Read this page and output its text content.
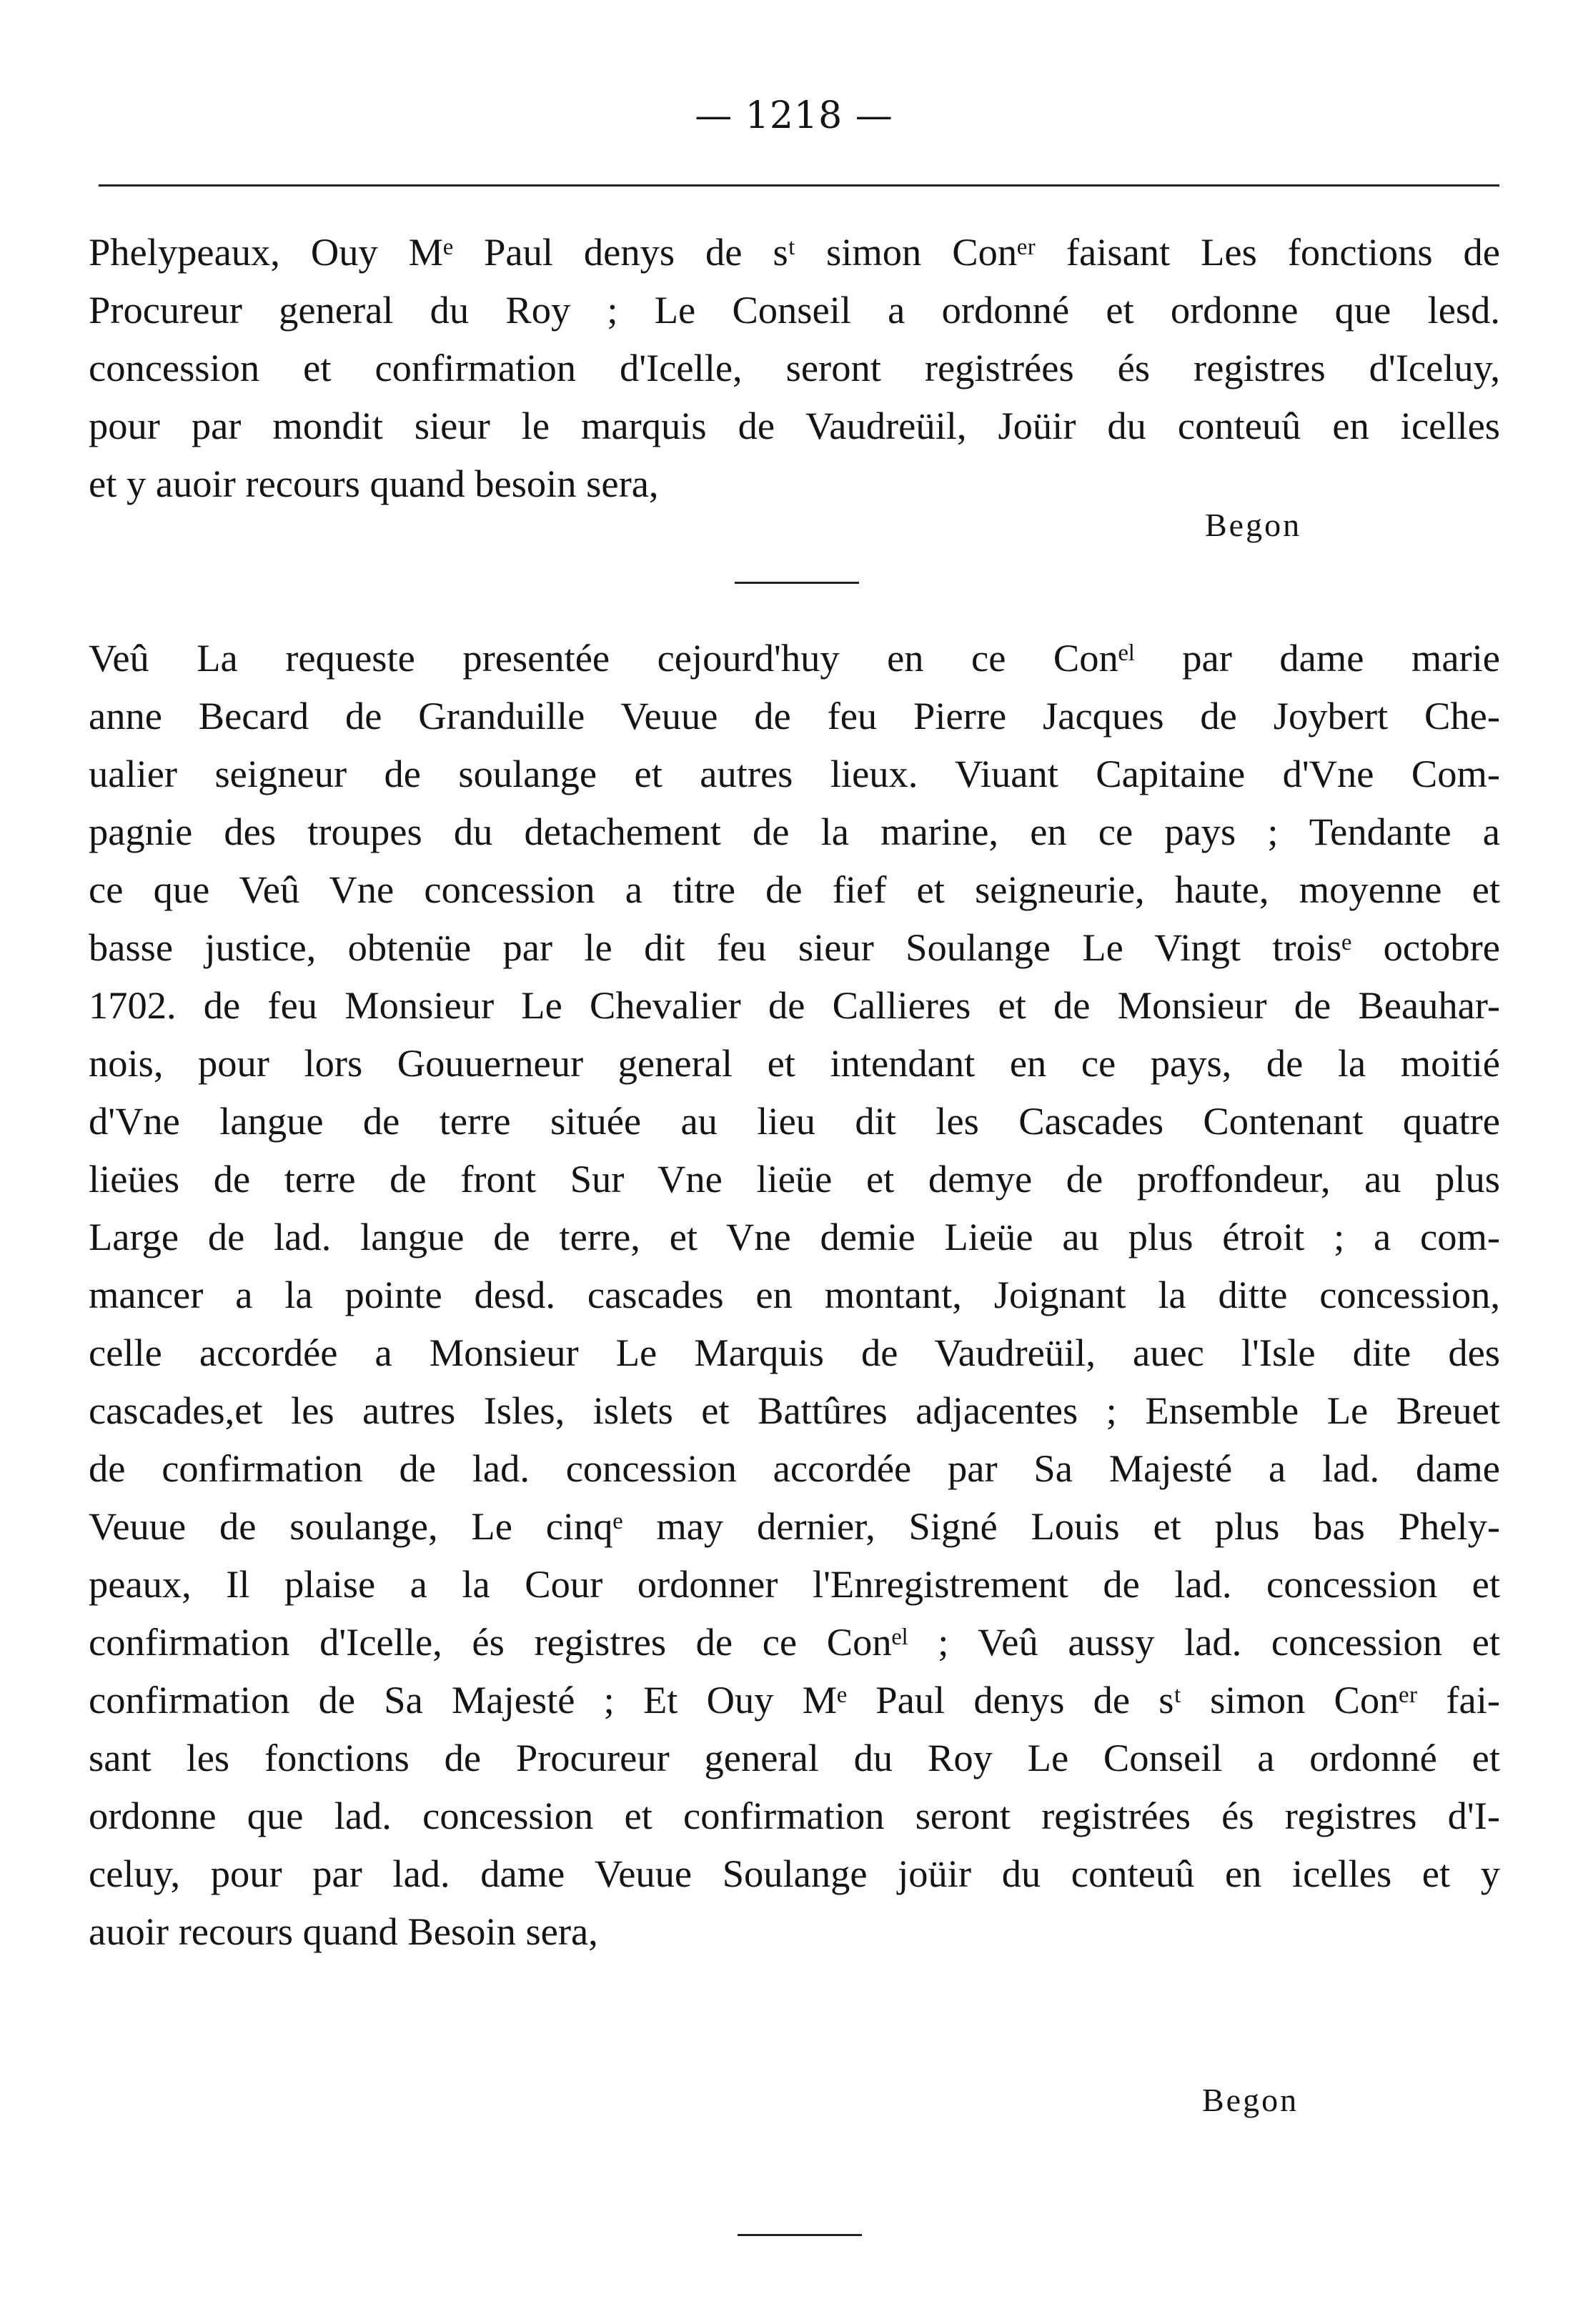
— 1218 —
Phelypeaux, Ouy Mᵉ Paul denys de sᵗ simon Conᵉʳ faisant Les fonctions de
Procureur general du Roy ; Le Conseil a ordonné et ordonne que lesd.
concession et confirmation d'Icelle, seront registrées és registres d'Iceluy,
pour par mondit sieur le marquis de Vaudreüil, Joüir du conteuû en icelles
et y auoir recours quand besoin sera,
Begon
Veû La requeste presentée cejourd'huy en ce Conᵉˡ par dame marie
anne Becard de Granduille Veuue de feu Pierre Jacques de Joybert Che-
ualier seigneur de soulange et autres lieux. Viuant Capitaine d'Vne Com-
pagnie des troupes du detachement de la marine, en ce pays ; Tendante a
ce que Veû Vne concession a titre de fief et seigneurie, haute, moyenne et
basse justice, obtenüe par le dit feu sieur Soulange Le Vingt troisᵉ octobre
1702. de feu Monsieur Le Chevalier de Callieres et de Monsieur de Beauhar-
nois, pour lors Gouuerneur general et intendant en ce pays, de la moitié
d'Vne langue de terre située au lieu dit les Cascades Contenant quatre
lieües de terre de front Sur Vne lieüe et demye de proffondeur, au plus
Large de lad. langue de terre, et Vne demie Lieüe au plus étroit ; a com-
mancer a la pointe desd. cascades en montant, Joignant la ditte concession,
celle accordée a Monsieur Le Marquis de Vaudreüil, auec l'Isle dite des
cascades,et les autres Isles, islets et Battûres adjacentes ; Ensemble Le Breuet
de confirmation de lad. concession accordée par Sa Majesté a lad. dame
Veuue de soulange, Le cinqᵉ may dernier, Signé Louis et plus bas Phely-
peaux, Il plaise a la Cour ordonner l'Enregistrement de lad. concession et
confirmation d'Icelle, és registres de ce Conᵉˡ ; Veû aussy lad. concession et
confirmation de Sa Majesté ; Et Ouy Mᵉ Paul denys de sᵗ simon Conᵉʳ fai-
sant les fonctions de Procureur general du Roy Le Conseil a ordonné et
ordonne que lad. concession et confirmation seront registrées és registres d'I-
celuy, pour par lad. dame Veuue Soulange joüir du conteuû en icelles et y
auoir recours quand Besoin sera,
Begon
